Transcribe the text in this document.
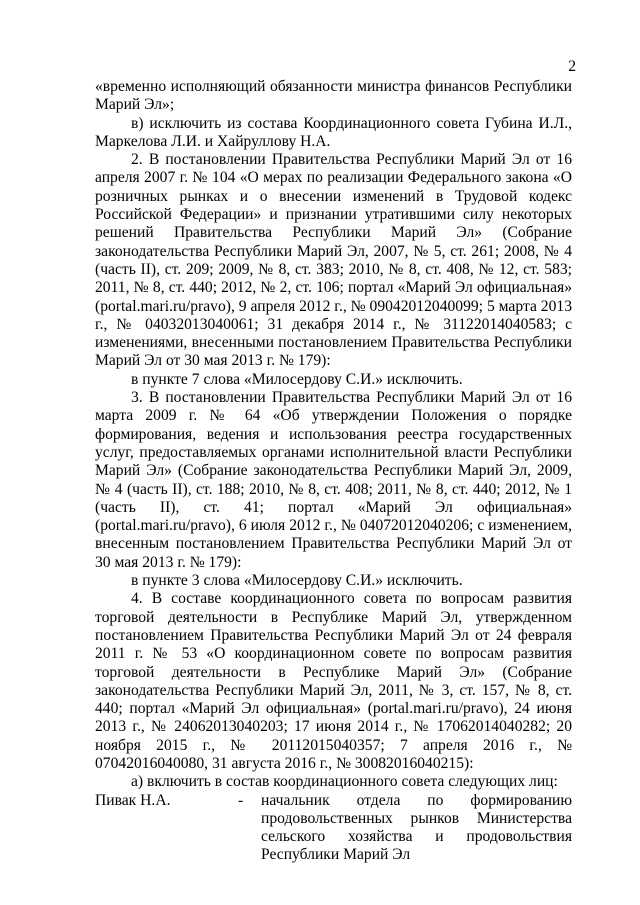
2

«временно исполняющий обязанности министра финансов Республики Марий Эл»;

в) исключить из состава Координационного совета Губина И.Л., Маркелова Л.И. и Хайруллову Н.А.

2. В постановлении Правительства Республики Марий Эл от 16 апреля 2007 г. № 104 «О мерах по реализации Федерального закона «О розничных рынках и о внесении изменений в Трудовой кодекс Российской Федерации» и признании утратившими силу некоторых решений Правительства Республики Марий Эл» (Собрание законодательства Республики Марий Эл, 2007, № 5, ст. 261; 2008, № 4 (часть II), ст. 209; 2009, № 8, ст. 383; 2010, № 8, ст. 408, № 12, ст. 583; 2011, № 8, ст. 440; 2012, № 2, ст. 106; портал «Марий Эл официальная» (portal.mari.ru/pravo), 9 апреля 2012 г., № 09042012040099; 5 марта 2013 г., № 04032013040061; 31 декабря 2014 г., № 31122014040583; с изменениями, внесенными постановлением Правительства Республики Марий Эл от 30 мая 2013 г. № 179):

в пункте 7 слова «Милосердову С.И.» исключить.

3. В постановлении Правительства Республики Марий Эл от 16 марта 2009 г. № 64 «Об утверждении Положения о порядке формирования, ведения и использования реестра государственных услуг, предоставляемых органами исполнительной власти Республики Марий Эл» (Собрание законодательства Республики Марий Эл, 2009, № 4 (часть II), ст. 188; 2010, № 8, ст. 408; 2011, № 8, ст. 440; 2012, № 1 (часть II), ст. 41; портал «Марий Эл официальная» (portal.mari.ru/pravo), 6 июля 2012 г., № 04072012040206; с изменением, внесенным постановлением Правительства Республики Марий Эл от 30 мая 2013 г. № 179):

в пункте 3 слова «Милосердову С.И.» исключить.

4. В составе координационного совета по вопросам развития торговой деятельности в Республике Марий Эл, утвержденном постановлением Правительства Республики Марий Эл от 24 февраля 2011 г. № 53 «О координационном совете по вопросам развития торговой деятельности в Республике Марий Эл» (Собрание законодательства Республики Марий Эл, 2011, № 3, ст. 157, № 8, ст. 440; портал «Марий Эл официальная» (portal.mari.ru/pravo), 24 июня 2013 г., № 24062013040203; 17 июня 2014 г., № 17062014040282; 20 ноября 2015 г., № 20112015040357; 7 апреля 2016 г., № 07042016040080, 31 августа 2016 г., № 30082016040215):

а) включить в состав координационного совета следующих лиц:

Пивак Н.А.	-	начальник отдела по формированию продовольственных рынков Министерства сельского хозяйства и продовольствия Республики Марий Эл
